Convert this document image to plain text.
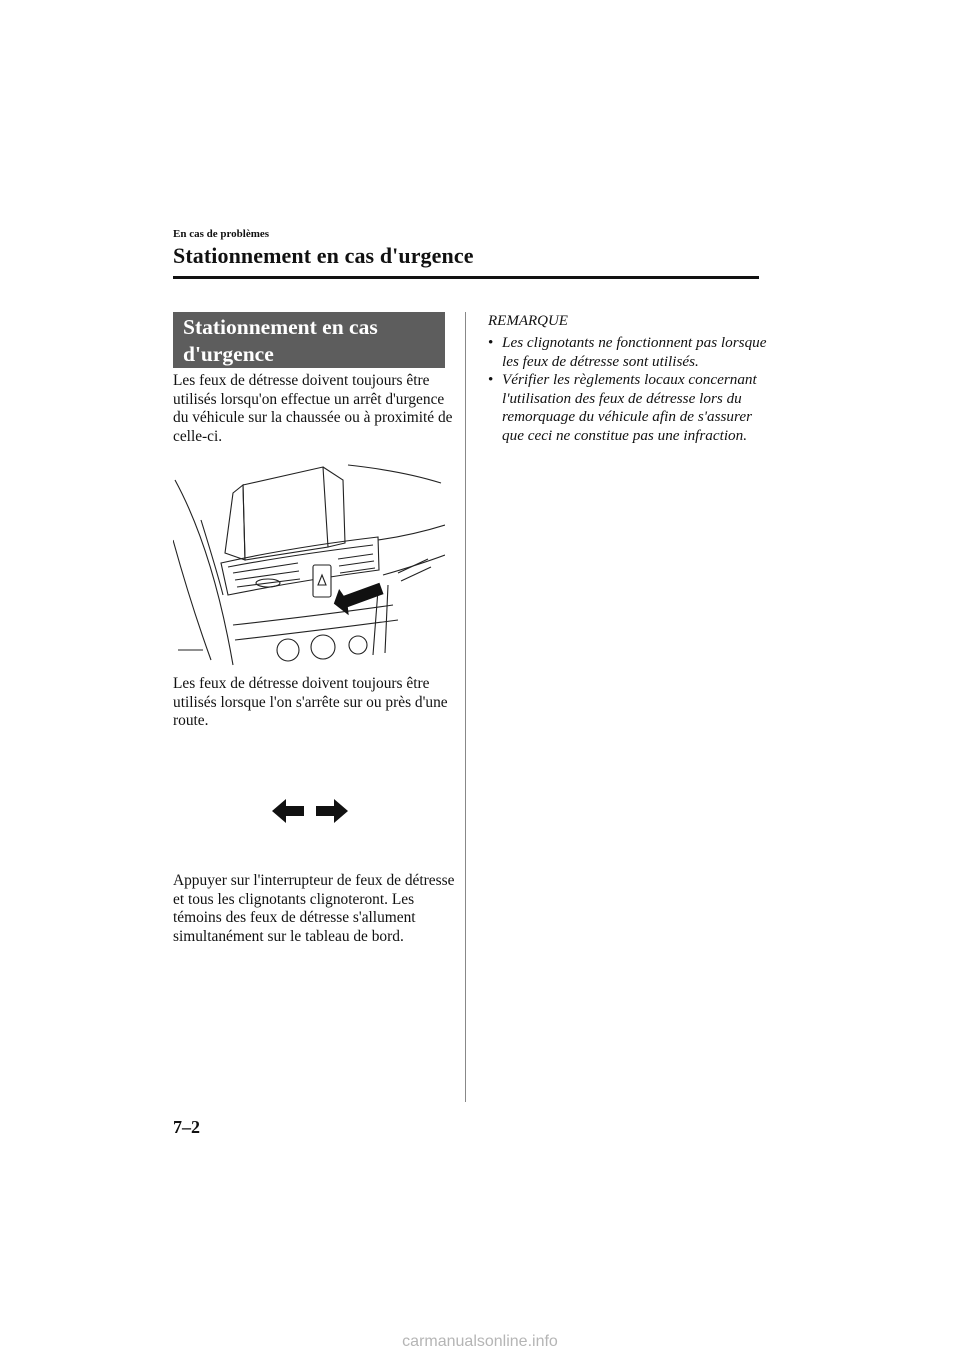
En cas de problèmes
Stationnement en cas d'urgence
Stationnement en cas d'urgence
Les feux de détresse doivent toujours être utilisés lorsqu'on effectue un arrêt d'urgence du véhicule sur la chaussée ou à proximité de celle-ci.
Les feux de détresse doivent toujours être utilisés lorsque l'on s'arrête sur ou près d'une route.
Appuyer sur l'interrupteur de feux de détresse et tous les clignotants clignoteront. Les témoins des feux de détresse s'allument simultanément sur le tableau de bord.
REMARQUE
• Les clignotants ne fonctionnent pas lorsque les feux de détresse sont utilisés.
• Vérifier les règlements locaux concernant l'utilisation des feux de détresse lors du remorquage du véhicule afin de s'assurer que ceci ne constitue pas une infraction.
7–2
carmanualsonline.info
